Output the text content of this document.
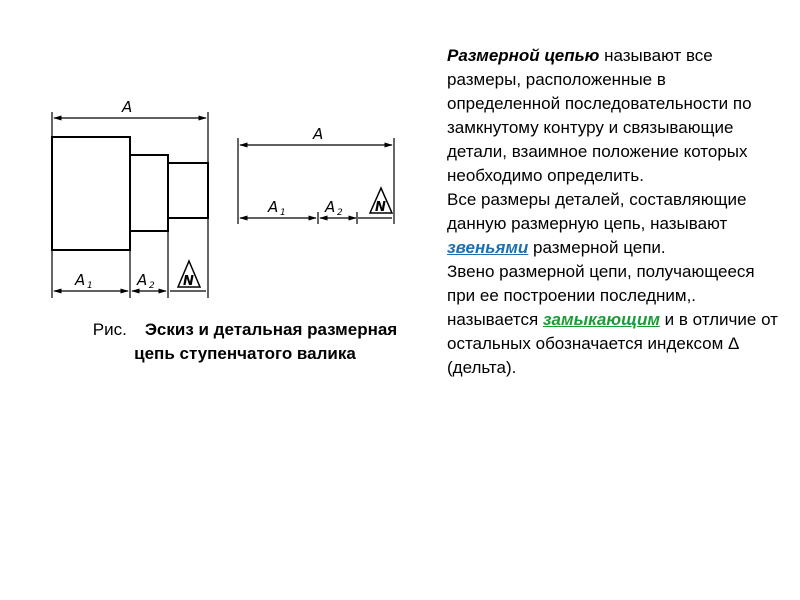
N
A
A 1	A 2
N
A
A 1	A 2
Рис. Эскиз и детальная размерная цепь ступенчатого валика

Размерной цепью называют все размеры, расположенные в определенной последовательности по замкнутому контуру и связывающие детали, взаимное положение которых необходимо определить.

Все размеры деталей, составляющие данную размерную цепь, называют звеньями размерной цепи.

Звено размерной цепи, получающееся при ее построении последним,. называется замыкающим и в отличие от остальных обозначается индексом Δ (дельта).
